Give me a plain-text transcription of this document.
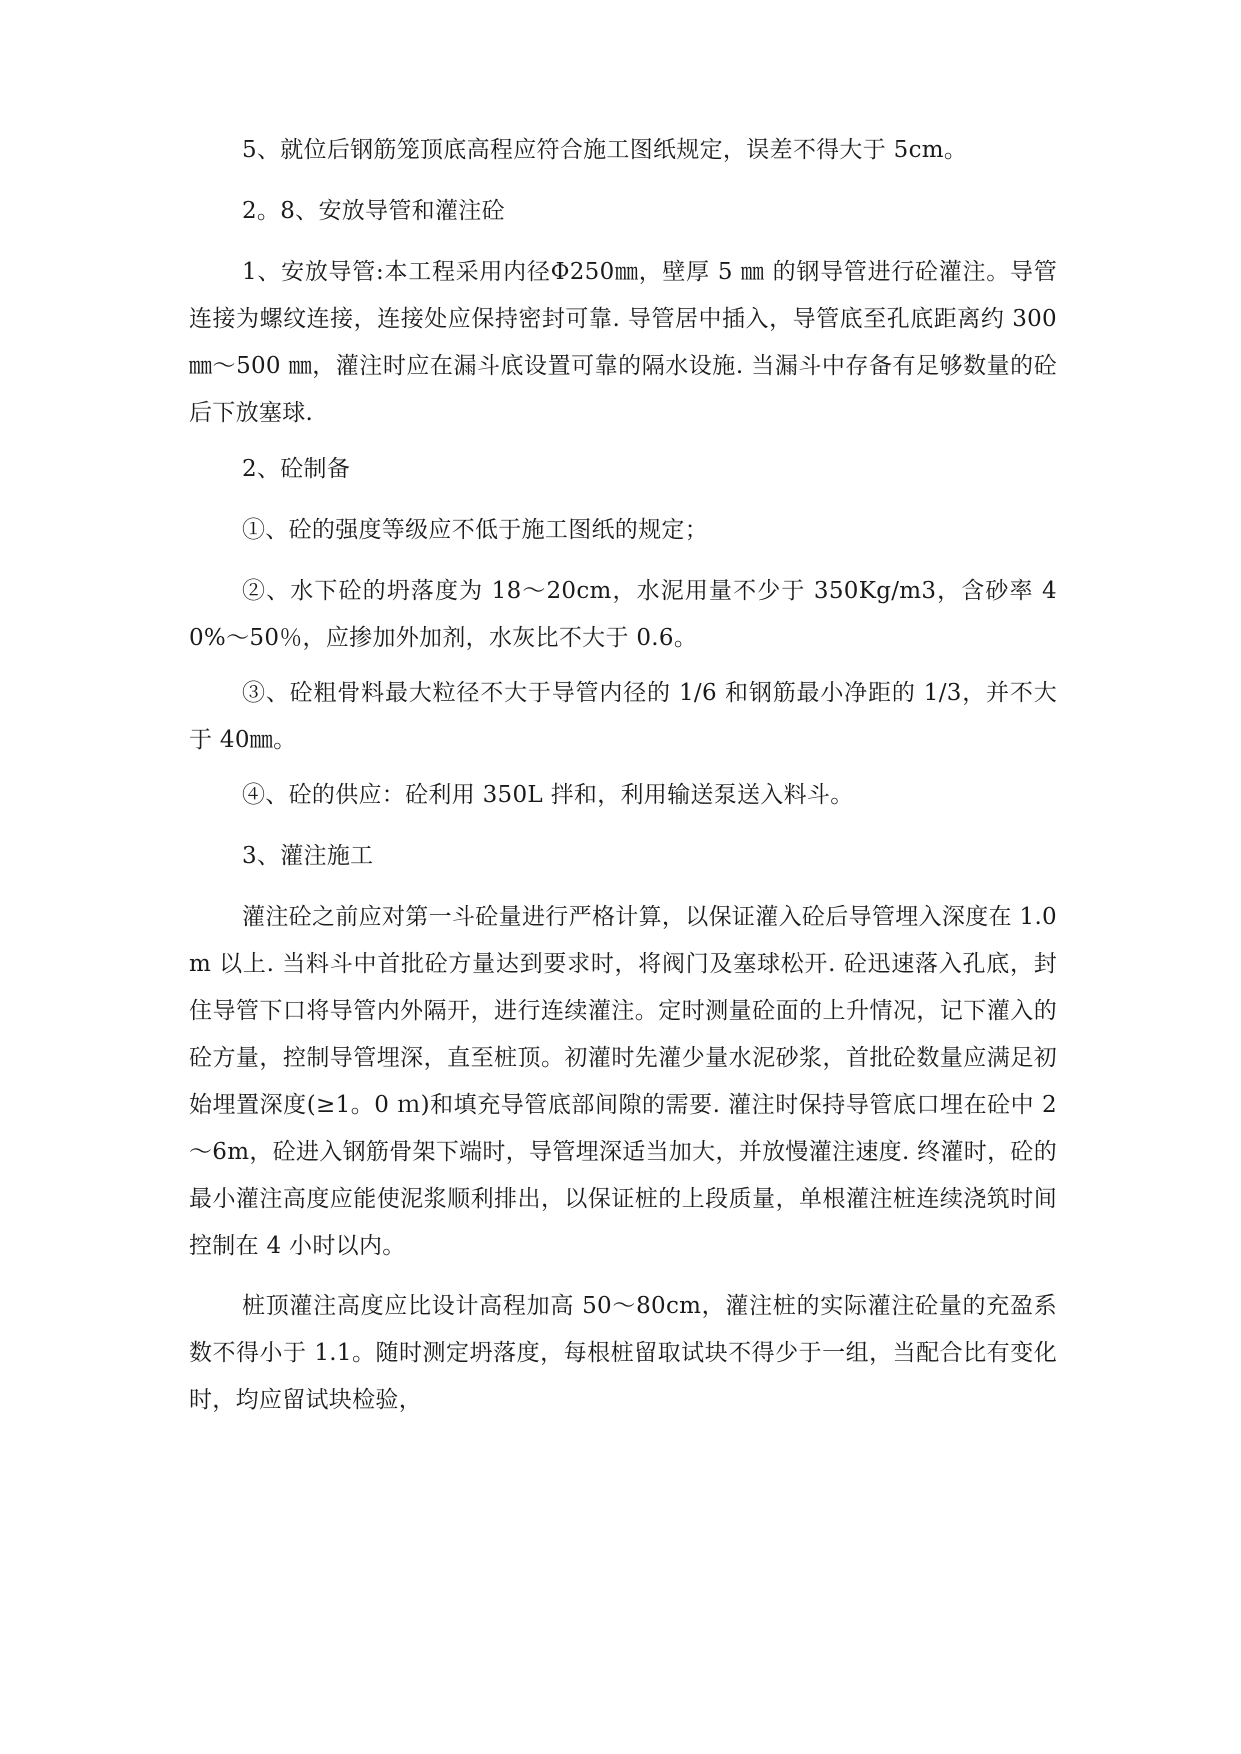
5、就位后钢筋笼顶底高程应符合施工图纸规定，误差不得大于 5cm。

2。8、安放导管和灌注砼

1、安放导管:本工程采用内径Φ250㎜，壁厚 5 ㎜ 的钢导管进行砼灌注。导管连接为螺纹连接，连接处应保持密封可靠. 导管居中插入，导管底至孔底距离约 300 ㎜～500 ㎜，灌注时应在漏斗底设置可靠的隔水设施. 当漏斗中存备有足够数量的砼后下放塞球.

2、砼制备

①、砼的强度等级应不低于施工图纸的规定；

②、水下砼的坍落度为 18～20cm，水泥用量不少于 350Kg/m3，含砂率 40%～50％，应掺加外加剂，水灰比不大于 0.6。

③、砼粗骨料最大粒径不大于导管内径的 1/6 和钢筋最小净距的 1/3，并不大于 40㎜。

④、砼的供应：砼利用 350L 拌和，利用输送泵送入料斗。

3、灌注施工

灌注砼之前应对第一斗砼量进行严格计算，以保证灌入砼后导管埋入深度在 1.0m 以上. 当料斗中首批砼方量达到要求时，将阀门及塞球松开. 砼迅速落入孔底，封住导管下口将导管内外隔开，进行连续灌注。定时测量砼面的上升情况，记下灌入的砼方量，控制导管埋深，直至桩顶。初灌时先灌少量水泥砂浆，首批砼数量应满足初始埋置深度(≥1。0 ｍ)和填充导管底部间隙的需要. 灌注时保持导管底口埋在砼中 2～6m，砼进入钢筋骨架下端时，导管埋深适当加大，并放慢灌注速度. 终灌时，砼的最小灌注高度应能使泥浆顺利排出，以保证桩的上段质量，单根灌注桩连续浇筑时间控制在 4 小时以内。

桩顶灌注高度应比设计高程加高 50～80cm，灌注桩的实际灌注砼量的充盈系数不得小于 1.1。随时测定坍落度，每根桩留取试块不得少于一组，当配合比有变化时，均应留试块检验，
